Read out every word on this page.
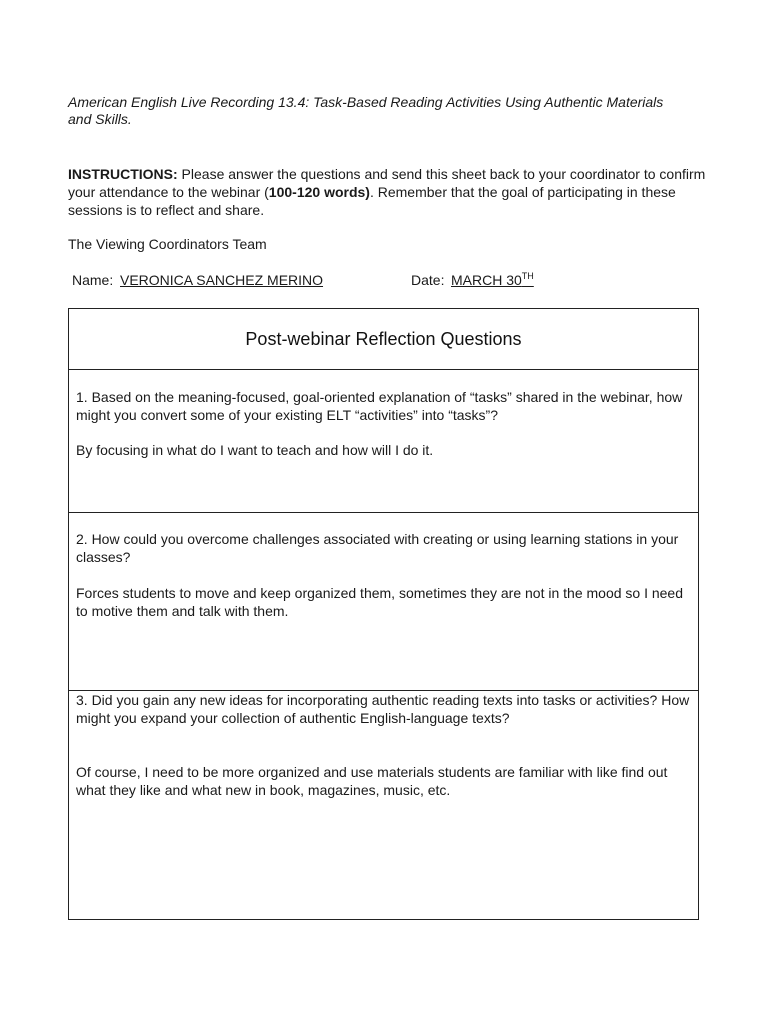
American English Live Recording 13.4: Task-Based Reading Activities Using Authentic Materials and Skills.

INSTRUCTIONS: Please answer the questions and send this sheet back to your coordinator to confirm your attendance to the webinar (100-120 words). Remember that the goal of participating in these sessions is to reflect and share.

The Viewing Coordinators Team

Name: VERONICA SANCHEZ MERINO	Date: MARCH 30TH
Post-webinar Reflection Questions

1. Based on the meaning-focused, goal-oriented explanation of “tasks” shared in the webinar, how might you convert some of your existing ELT “activities” into “tasks”?

By focusing in what do I want to teach and how will I do it.

2. How could you overcome challenges associated with creating or using learning stations in your classes?

Forces students to move and keep organized them, sometimes they are not in the mood so I need to motive them and talk with them.

3. Did you gain any new ideas for incorporating authentic reading texts into tasks or activities? How might you expand your collection of authentic English-language texts?

Of course, I need to be more organized and use materials students are familiar with like find out what they like and what new in book, magazines, music, etc.
